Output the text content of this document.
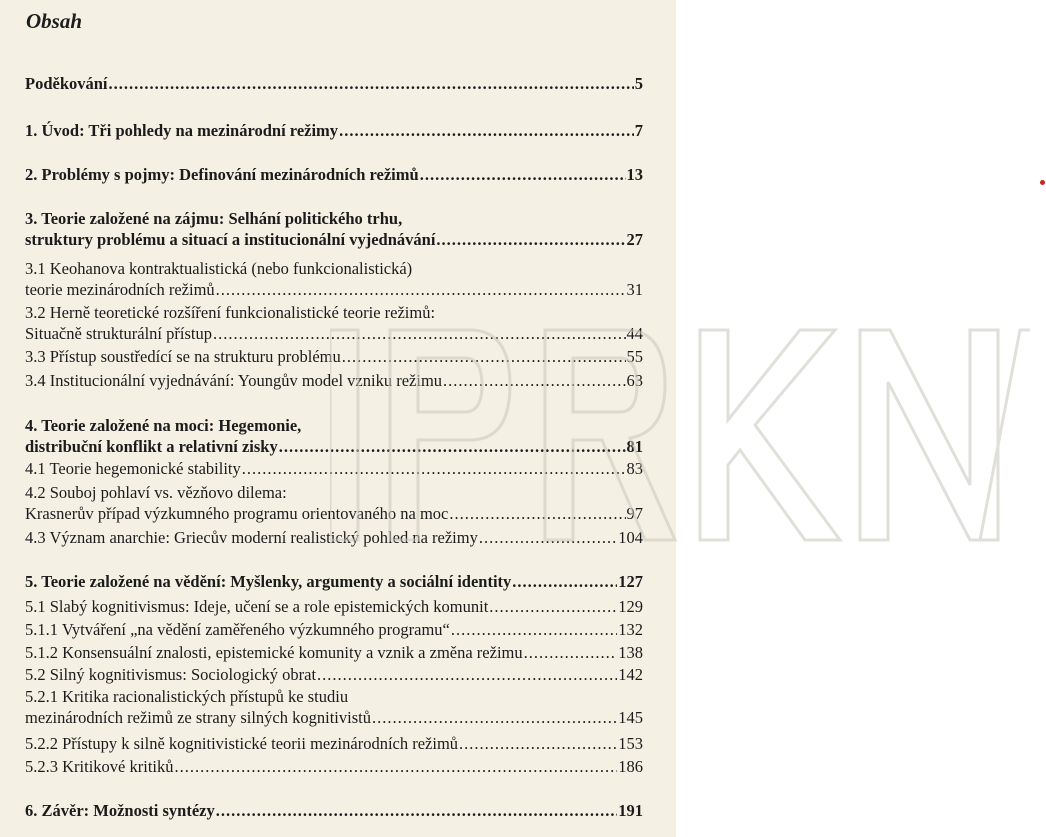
Obsah
Poděkování .....	5
1. Úvod: Tři pohledy na mezinárodní režimy .....	7
2. Problémy s pojmy: Definování mezinárodních režimů .....	13
3. Teorie založené na zájmu: Selhání politického trhu,
struktury problému a situací a institucionální vyjednávání .....	27
3.1 Keohanova kontraktualistická (nebo funkcionalistická)
teorie mezinárodních režimů .....	31
3.2 Herně teoretické rozšíření funkcionalistické teorie režimů:
Situačně strukturální přístup .....	44
3.3 Přístup soustředící se na strukturu problému .....	55
3.4 Institucionální vyjednávání: Youngův model vzniku režimu .....	63
4. Teorie založené na moci: Hegemonie,
distribuční konflikt a relativní zisky .....	81
4.1 Teorie hegemonické stability .....	83
4.2 Souboj pohlaví vs. vězňovo dilema:
Krasnerův případ výzkumného programu orientovaného na moc .....	97
4.3 Význam anarchie: Griecův moderní realistický pohled na režimy .....	104
5. Teorie založené na vědění: Myšlenky, argumenty a sociální identity .....	127
5.1 Slabý kognitivismus: Ideje, učení se a role epistemických komunit .....	129
5.1.1 Vytváření „na vědění zaměřeného výzkumného programu“ .....	132
5.1.2 Konsensuální znalosti, epistemické komunity a vznik a změna režimu .....	138
5.2 Silný kognitivismus: Sociologický obrat .....	142
5.2.1 Kritika racionalistických přístupů ke studiu
mezinárodních režimů ze strany silných kognitivistů .....	145
5.2.2 Přístupy k silně kognitivistické teorii mezinárodních režimů .....	153
5.2.3 Kritikové kritiků .....	186
6. Závěr: Možnosti syntézy .....	191
